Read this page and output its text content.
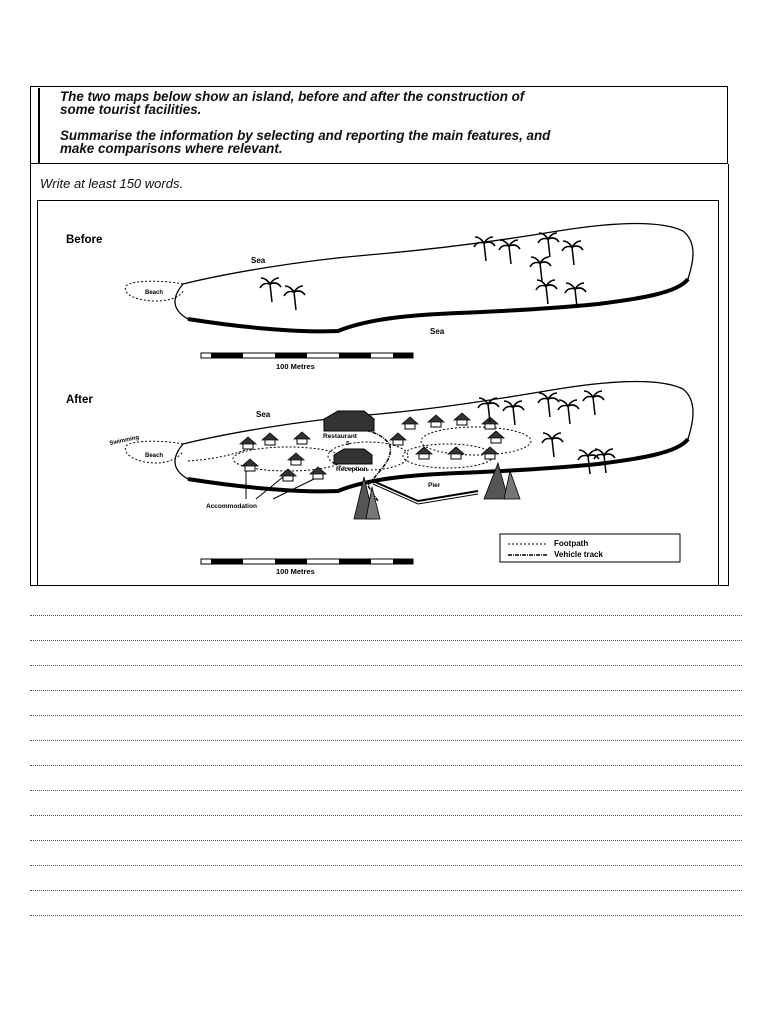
The two maps below show an island, before and after the construction of
some tourist facilities.
Summarise the information by selecting and reporting the main features, and
make comparisons where relevant.
Write at least 150 words.
Before
Beach
Sea
Sea
100 Metres
After
Beach
Swimming
Sea
Restaurant
S
Reception
Accommodation
Pier
Footpath
Vehicle track
100 Metres
